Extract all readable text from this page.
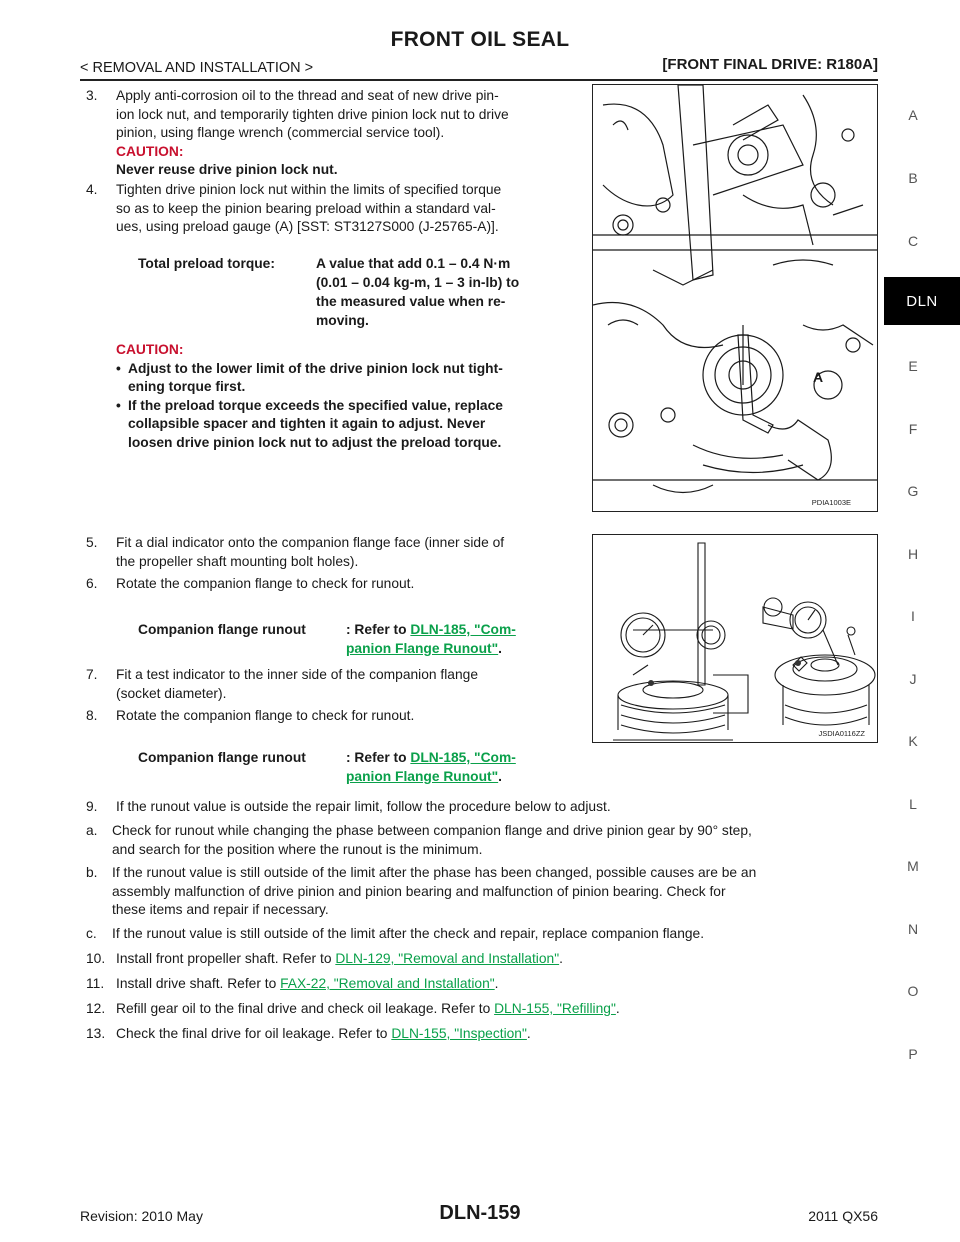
FRONT OIL SEAL
< REMOVAL AND INSTALLATION >	[FRONT FINAL DRIVE: R180A]
A
B
C
E
F
G
H
I
J
K
L
M
N
O
P
DLN
3.	Apply anti-corrosion oil to the thread and seat of new drive pin-
ion lock nut, and temporarily tighten drive pinion lock nut to drive
pinion, using flange wrench (commercial service tool).
CAUTION:
Never reuse drive pinion lock nut.
4.	Tighten drive pinion lock nut within the limits of specified torque
so as to keep the pinion bearing preload within a standard val-
ues, using preload gauge (A) [SST: ST3127S000 (J-25765-A)].
Total preload torque:	A value that add 0.1 – 0.4 N·m
(0.01 – 0.04 kg-m, 1 – 3 in-lb) to
the measured value when re-
moving.
CAUTION:
• Adjust to the lower limit of the drive pinion lock nut tight-
ening torque first.
• If the preload torque exceeds the specified value, replace
collapsible spacer and tighten it again to adjust. Never
loosen drive pinion lock nut to adjust the preload torque.
A
PDIA1003E
5.	Fit a dial indicator onto the companion flange face (inner side of
the propeller shaft mounting bolt holes).
6.	Rotate the companion flange to check for runout.
Companion flange runout	: Refer to DLN-185, "Com-
panion Flange Runout".
7.	Fit a test indicator to the inner side of the companion flange
(socket diameter).
8.	Rotate the companion flange to check for runout.
Companion flange runout	: Refer to DLN-185, "Com-
panion Flange Runout".
JSDIA0116ZZ
9.	If the runout value is outside the repair limit, follow the procedure below to adjust.
a.	Check for runout while changing the phase between companion flange and drive pinion gear by 90° step,
and search for the position where the runout is the minimum.
b.	If the runout value is still outside of the limit after the phase has been changed, possible causes are be an
assembly malfunction of drive pinion and pinion bearing and malfunction of pinion bearing. Check for
these items and repair if necessary.
c.	If the runout value is still outside of the limit after the check and repair, replace companion flange.
10. Install front propeller shaft. Refer to DLN-129, "Removal and Installation".
11. Install drive shaft. Refer to FAX-22, "Removal and Installation".
12. Refill gear oil to the final drive and check oil leakage. Refer to DLN-155, "Refilling".
13. Check the final drive for oil leakage. Refer to DLN-155, "Inspection".
Revision: 2010 May	DLN-159	2011 QX56
